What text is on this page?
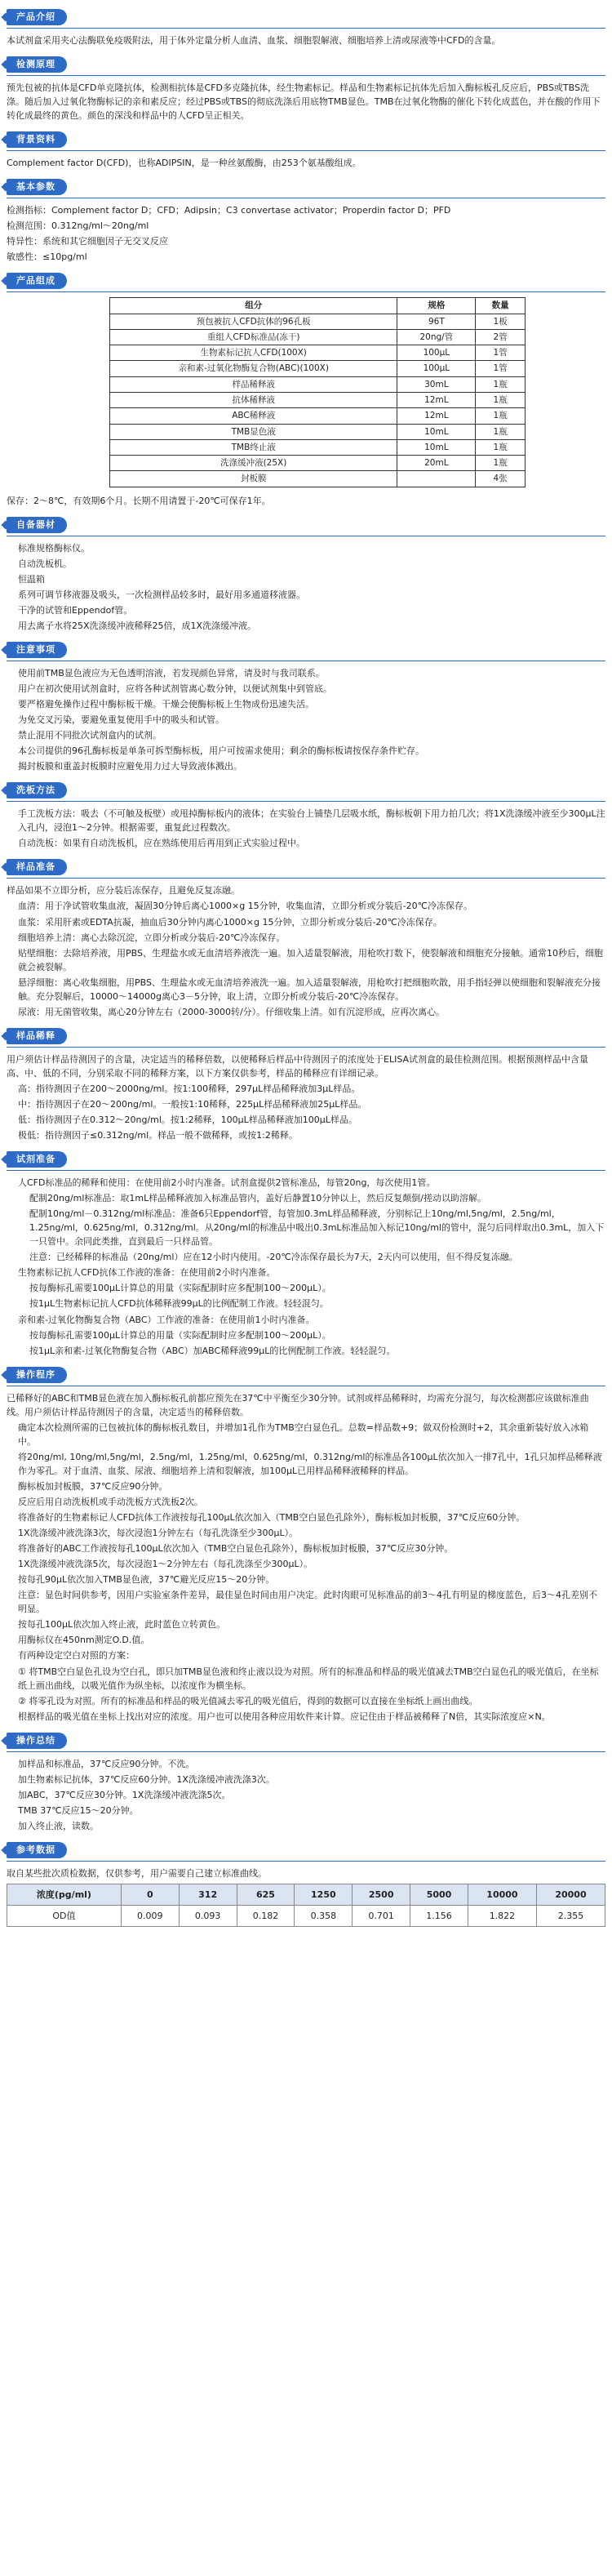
产品介绍
本试剂盒采用夹心法酶联免疫吸附法，用于体外定量分析人血清、血浆、细胞裂解液、细胞培养上清或尿液等中CFD的含量。
检测原理
预先包被的抗体是CFD单克隆抗体，检测相抗体是CFD多克隆抗体，经生物素标记。样品和生物素标记抗体先后加入酶标板孔反应后，PBS或TBS洗涤。随后加入过氧化物酶标记的亲和素反应；经过PBS或TBS的彻底洗涤后用底物TMB显色。TMB在过氧化物酶的催化下转化成蓝色，并在酸的作用下转化成最终的黄色。颜色的深浅和样品中的人CFD呈正相关。
背景资料
Complement factor D(CFD)，也称ADIPSIN，是一种丝氨酸酶，由253个氨基酸组成。
基本参数
检测指标：Complement factor D；CFD；Adipsin；C3 convertase activator；Properdin factor D；PFD
检测范围：0.312ng/ml～20ng/ml
特异性：系统和其它细胞因子无交叉反应
敏感性：≤10pg/ml
产品组成
组分	规格	数量
预包被抗人CFD抗体的96孔板	96T	1板
重组人CFD标准品(冻干)	20ng/管	2管
生物素标记抗人CFD(100X)	100μL	1管
亲和素-过氧化物酶复合物(ABC)(100X)	100μL	1管
样品稀释液	30mL	1瓶
抗体稀释液	12mL	1瓶
ABC稀释液	12mL	1瓶
TMB显色液	10mL	1瓶
TMB终止液	10mL	1瓶
洗涤缓冲液(25X)	20mL	1瓶
封板膜		4张
保存：2～8℃，有效期6个月。长期不用请置于-20℃可保存1年。
自备器材
标准规格酶标仪。
自动洗板机。
恒温箱
系列可调节移液器及吸头，一次检测样品较多时，最好用多通道移液器。
干净的试管和Eppendof管。
用去离子水将25X洗涤缓冲液稀释25倍，成1X洗涤缓冲液。
注意事项
使用前TMB显色液应为无色透明溶液，若发现颜色异常，请及时与我司联系。
用户在初次使用试剂盒时，应将各种试剂管离心数分钟，以便试剂集中到管底。
要严格避免操作过程中酶标板干燥。干燥会使酶标板上生物成份迅速失活。
为免交叉污染，要避免重复使用手中的吸头和试管。
禁止混用不同批次试剂盒内的试剂。
本公司提供的96孔酶标板是单条可拆型酶标板，用户可按需求使用；剩余的酶标板请按保存条件贮存。
揭封板膜和重盖封板膜时应避免用力过大导致液体溅出。
洗板方法
手工洗板方法：吸去（不可触及板壁）或甩掉酶标板内的液体；在实验台上铺垫几层吸水纸，酶标板朝下用力拍几次；将1X洗涤缓冲液至少300μL注入孔内，浸泡1～2分钟。根据需要，重复此过程数次。
自动洗板：如果有自动洗板机，应在熟练使用后再用到正式实验过程中。
样品准备
样品如果不立即分析，应分装后冻保存，且避免反复冻融。
血清：用于净试管收集血液，凝固30分钟后离心1000×g 15分钟，收集血清，立即分析或分装后-20℃冷冻保存。
血浆：采用肝素或EDTA抗凝，抽血后30分钟内离心1000×g 15分钟，立即分析或分装后-20℃冷冻保存。
细胞培养上清：离心去除沉淀，立即分析或分装后-20℃冷冻保存。
贴壁细胞：去除培养液，用PBS、生理盐水或无血清培养液洗一遍。加入适量裂解液，用枪吹打数下，使裂解液和细胞充分接触。通常10秒后，细胞就会被裂解。
悬浮细胞：离心收集细胞，用PBS、生理盐水或无血清培养液洗一遍。加入适量裂解液，用枪吹打把细胞吹散，用手指轻弹以使细胞和裂解液充分接触。充分裂解后，10000～14000g离心3－5分钟，取上清，立即分析或分装后-20℃冷冻保存。
尿液：用无菌管收集，离心20分钟左右（2000-3000转/分）。仔细收集上清。如有沉淀形成，应再次离心。
样品稀释
用户须估计样品待测因子的含量，决定适当的稀释倍数，以使稀释后样品中待测因子的浓度处于ELISA试剂盒的最佳检测范围。根据预测样品中含量高、中、低的不同，分别采取不同的稀释方案，以下方案仅供参考，样品的稀释应有详细记录。
高：指待测因子在200～2000ng/ml。按1:100稀释，297μL样品稀释液加3μL样品。
中：指待测因子在20～200ng/ml。一般按1:10稀释，225μL样品稀释液加25μL样品。
低：指待测因子在0.312～20ng/ml。按1:2稀释，100μL样品稀释液加100μL样品。
极低：指待测因子≤0.312ng/ml。样品一般不做稀释，或按1:2稀释。
试剂准备
人CFD标准品的稀释和使用：在使用前2小时内准备。试剂盒提供2管标准品，每管20ng，每次使用1管。
配制20ng/ml标准品：取1mL样品稀释液加入标准品管内，盖好后静置10分钟以上，然后反复颠倒/搓动以助溶解。
配制10ng/ml－0.312ng/ml标准品：准备6只Eppendorf管，每管加0.3mL样品稀释液，分别标记上10ng/ml,5ng/ml，2.5ng/ml，1.25ng/ml，0.625ng/ml，0.312ng/ml。从20ng/ml的标准品中吸出0.3mL标准品加入标记10ng/ml的管中，混匀后同样取出0.3mL，加入下一只管中。余同此类推，直到最后一只样品管。
注意：已经稀释的标准品（20ng/ml）应在12小时内使用。-20℃冷冻保存最长为7天，2天内可以使用，但不得反复冻融。
生物素标记抗人CFD抗体工作液的准备：在使用前2小时内准备。
按每酶标孔需要100μL计算总的用量（实际配制时应多配制100～200μL）。
按1μL生物素标记抗人CFD抗体稀释液99μL的比例配制工作液。轻轻混匀。
亲和素-过氧化物酶复合物（ABC）工作液的准备：在使用前1小时内准备。
按每酶标孔需要100μL计算总的用量（实际配制时应多配制100～200μL）。
按1μL亲和素-过氧化物酶复合物（ABC）加ABC稀释液99μL的比例配制工作液。轻轻混匀。
操作程序
已稀释好的ABC和TMB显色液在加入酶标板孔前都应预先在37℃中平衡至少30分钟。试剂或样品稀释时，均需充分混匀，每次检测都应该做标准曲线。用户须估计样品待测因子的含量，决定适当的稀释倍数。
确定本次检测所需的已包被抗体的酶标板孔数目，并增加1孔作为TMB空白显色孔。总数=样品数+9；做双份检测时+2，其余重新装好放入冰箱中。
将20ng/ml, 10ng/ml,5ng/ml，2.5ng/ml，1.25ng/ml，0.625ng/ml，0.312ng/ml的标准品各100μL依次加入一排7孔中，1孔只加样品稀释液作为零孔。对于血清、血浆、尿液、细胞培养上清和裂解液，加100μL已用样品稀释液稀释的样品。
酶标板加封板膜，37℃反应90分钟。
反应后用自动洗板机或手动洗板方式洗板2次。
将准备好的生物素标记人CFD抗体工作液按每孔100μL依次加入（TMB空白显色孔除外），酶标板加封板膜，37℃反应60分钟。
1X洗涤缓冲液洗涤3次，每次浸泡1分钟左右（每孔洗涤至少300μL）。
将准备好的ABC工作液按每孔100μL依次加入（TMB空白显色孔除外），酶标板加封板膜，37℃反应30分钟。
1X洗涤缓冲液洗涤5次，每次浸泡1～2分钟左右（每孔洗涤至少300μL）。
按每孔90μL依次加入TMB显色液，37℃避光反应15～20分钟。
注意：显色时间供参考，因用户实验室条件差异，最佳显色时间由用户决定。此时肉眼可见标准品的前3～4孔有明显的梯度蓝色，后3～4孔差别不明显。
按每孔100μL依次加入终止液，此时蓝色立转黄色。
用酶标仪在450nm测定O.D.值。
有两种设定空白对照的方案：
① 将TMB空白显色孔设为空白孔，即只加TMB显色液和终止液以设为对照。所有的标准品和样品的吸光值减去TMB空白显色孔的吸光值后，在坐标纸上画出曲线，以吸光值作为纵坐标，以浓度作为横坐标。
② 将零孔设为对照。所有的标准品和样品的吸光值减去零孔的吸光值后，得到的数据可以直接在坐标纸上画出曲线。
根据样品的吸光值在坐标上找出对应的浓度。用户也可以使用各种应用软件来计算。应记住由于样品被稀释了N倍，其实际浓度应×N。
操作总结
加样品和标准品，37℃反应90分钟。不洗。
加生物素标记抗体，37℃反应60分钟。1X洗涤缓冲液洗涤3次。
加ABC，37℃反应30分钟。1X洗涤缓冲液洗涤5次。
TMB 37℃反应15～20分钟。
加入终止液，读数。
参考数据
取自某些批次质检数据，仅供参考，用户需要自己建立标准曲线。
浓度(pg/ml)	0	312	625	1250	2500	5000	10000	20000
OD值	0.009	0.093	0.182	0.358	0.701	1.156	1.822	2.355
